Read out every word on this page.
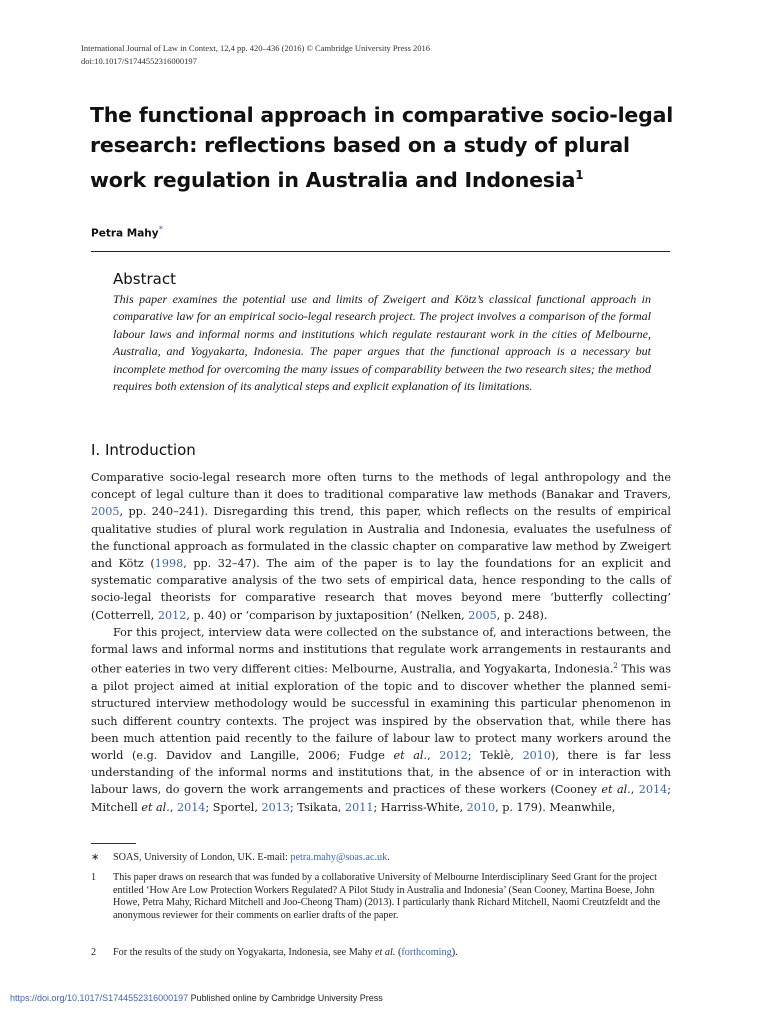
International Journal of Law in Context, 12,4 pp. 420–436 (2016) © Cambridge University Press 2016
doi:10.1017/S1744552316000197
The functional approach in comparative socio-legal research: reflections based on a study of plural work regulation in Australia and Indonesia$^1$
Petra Mahy*
Abstract
This paper examines the potential use and limits of Zweigert and Kötz’s classical functional approach in comparative law for an empirical socio-legal research project. The project involves a comparison of the formal labour laws and informal norms and institutions which regulate restaurant work in the cities of Melbourne, Australia, and Yogyakarta, Indonesia. The paper argues that the functional approach is a necessary but incomplete method for overcoming the many issues of comparability between the two research sites; the method requires both extension of its analytical steps and explicit explanation of its limitations.
I. Introduction

Comparative socio-legal research more often turns to the methods of legal anthropology and the concept of legal culture than it does to traditional comparative law methods (Banakar and Travers, 2005, pp. 240–241). Disregarding this trend, this paper, which reflects on the results of empirical qualitative studies of plural work regulation in Australia and Indonesia, evaluates the usefulness of the functional approach as formulated in the classic chapter on comparative law method by Zweigert and Kötz (1998, pp. 32–47). The aim of the paper is to lay the foundations for an explicit and systematic comparative analysis of the two sets of empirical data, hence responding to the calls of socio-legal theorists for comparative research that moves beyond mere ‘butterfly collecting’ (Cotterrell, 2012, p. 40) or ‘comparison by juxtaposition’ (Nelken, 2005, p. 248).

For this project, interview data were collected on the substance of, and interactions between, the formal laws and informal norms and institutions that regulate work arrangements in restaurants and other eateries in two very different cities: Melbourne, Australia, and Yogyakarta, Indonesia.$^2$ This was a pilot project aimed at initial exploration of the topic and to discover whether the planned semi-structured interview methodology would be successful in examining this particular phenomenon in such different country contexts. The project was inspired by the observation that, while there has been much attention paid recently to the failure of labour law to protect many workers around the world (e.g. Davidov and Langille, 2006; Fudge et al., 2012; Teklè, 2010), there is far less understanding of the informal norms and institutions that, in the absence of or in interaction with labour laws, do govern the work arrangements and practices of these workers (Cooney et al., 2014; Mitchell et al., 2014; Sportel, 2013; Tsikata, 2011; Harriss-White, 2010, p. 179). Meanwhile,

∗	SOAS, University of London, UK. E-mail: petra.mahy@soas.ac.uk.
1	This paper draws on research that was funded by a collaborative University of Melbourne Interdisciplinary Seed Grant for the project entitled ‘How Are Low Protection Workers Regulated? A Pilot Study in Australia and Indonesia’ (Sean Cooney, Martina Boese, John Howe, Petra Mahy, Richard Mitchell and Joo-Cheong Tham) (2013). I particularly thank Richard Mitchell, Naomi Creutzfeldt and the anonymous reviewer for their comments on earlier drafts of the paper.
2	For the results of the study on Yogyakarta, Indonesia, see Mahy et al. (forthcoming).
https://doi.org/10.1017/S1744552316000197 Published online by Cambridge University Press
